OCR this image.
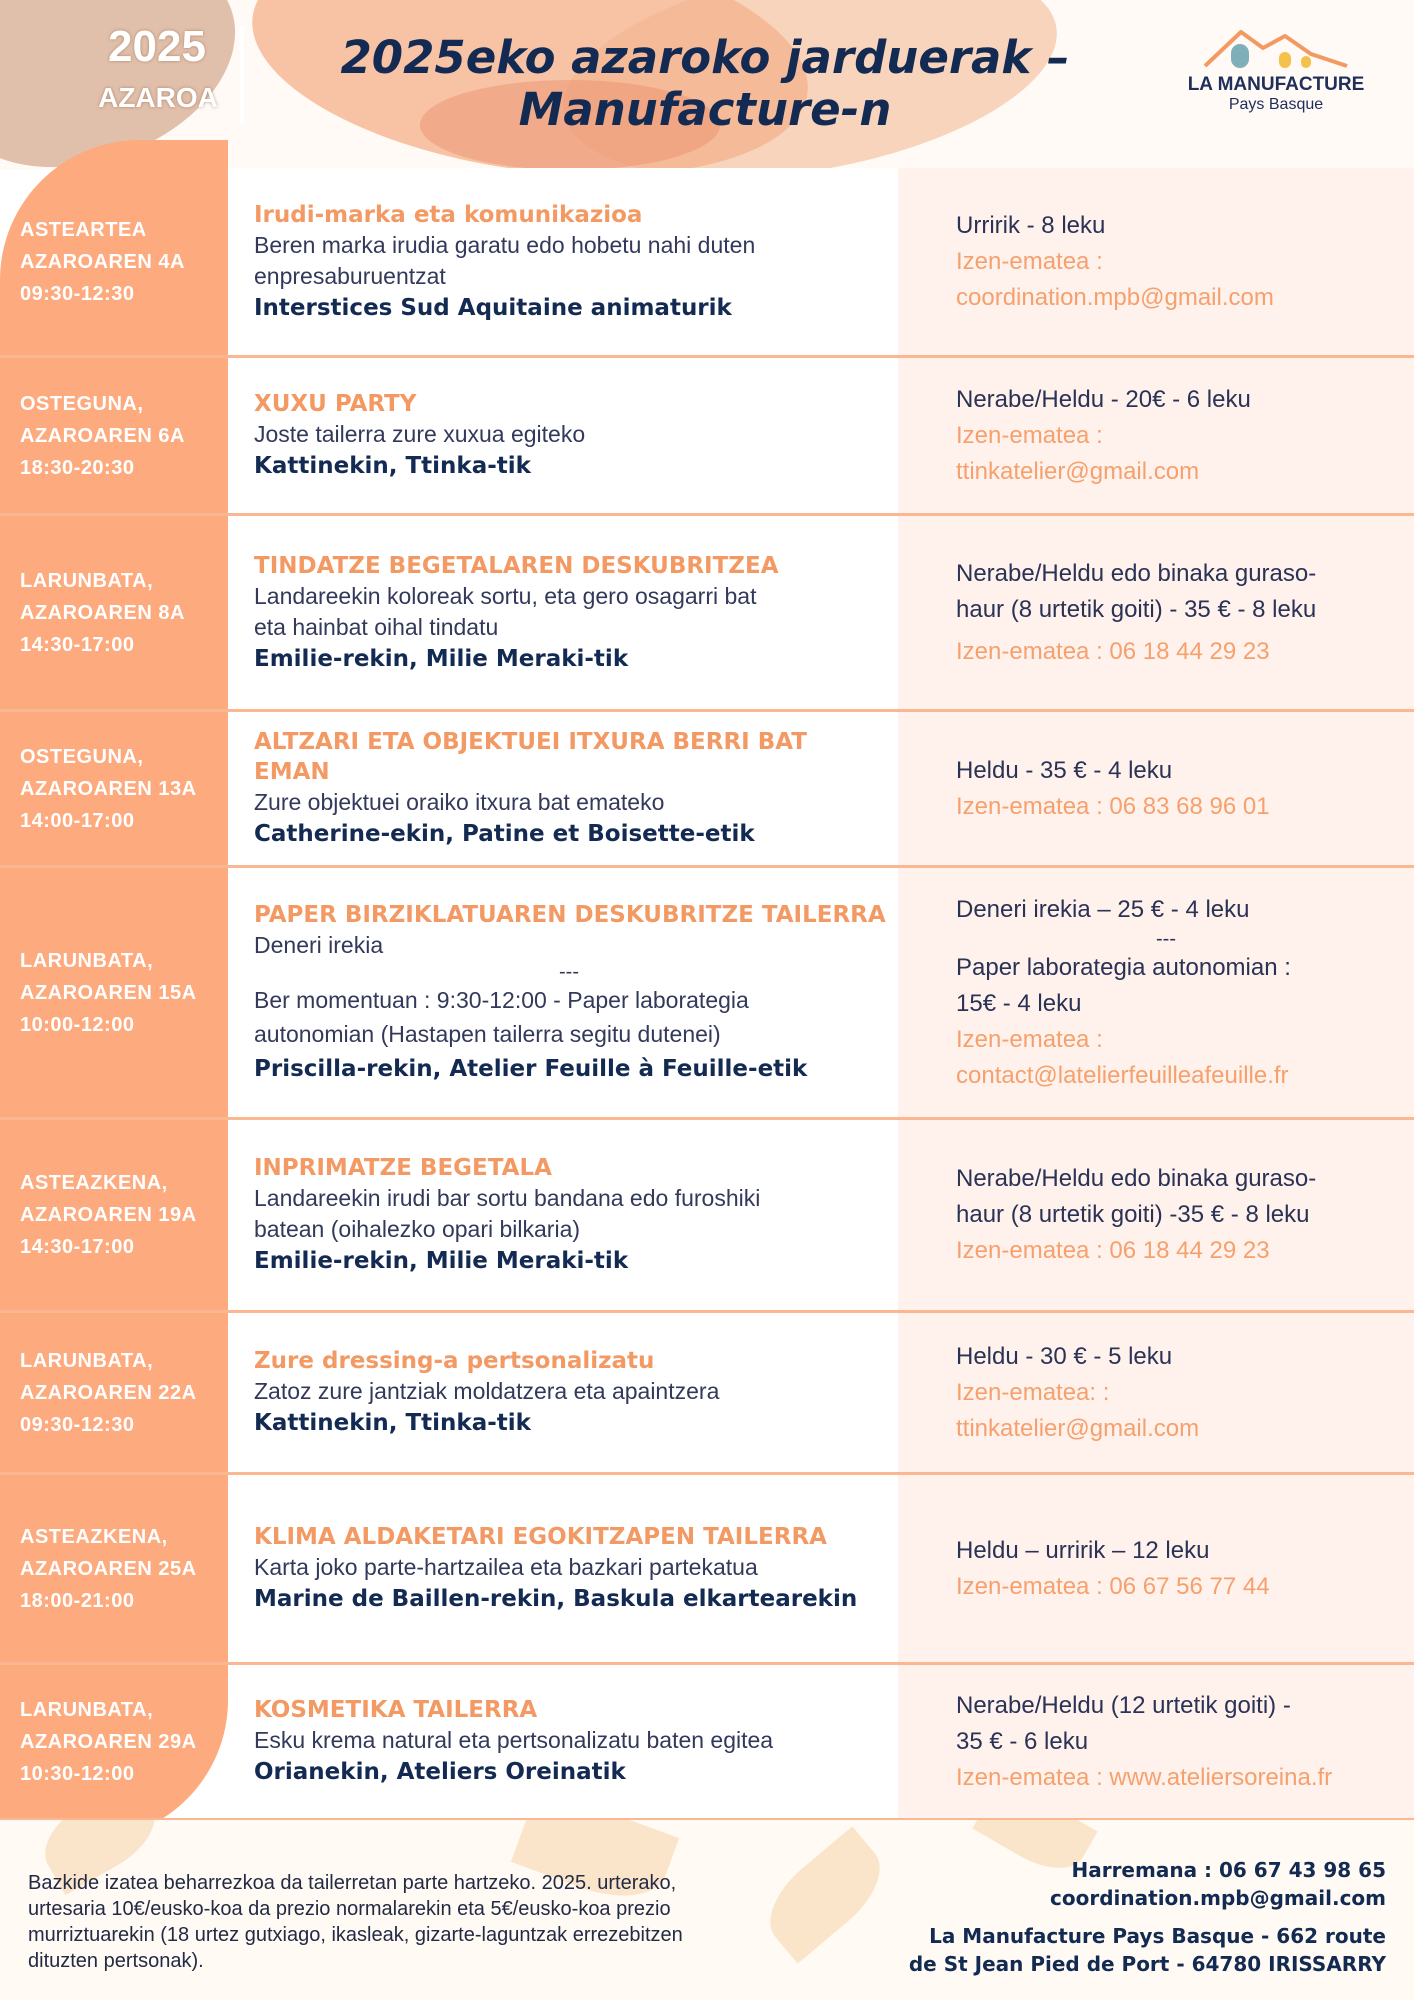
2025
AZAROA
2025eko azaroko jarduerak –
Manufacture-n	LA MANUFACTURE
Pays Basque
ASTEARTEA
AZAROAREN 4A
09:30-12:30
Irudi-marka eta komunikazioa
Beren marka irudia garatu edo hobetu nahi duten
enpresaburuentzat
Interstices Sud Aquitaine animaturik
Urririk - 8 leku
Izen-ematea :
coordination.mpb@gmail.com
OSTEGUNA,
AZAROAREN 6A
18:30-20:30
XUXU PARTY
Joste tailerra zure xuxua egiteko
Kattinekin, Ttinka-tik
Nerabe/Heldu - 20€ - 6 leku
Izen-ematea :
ttinkatelier@gmail.com
LARUNBATA,
AZAROAREN 8A
14:30-17:00
TINDATZE BEGETALAREN DESKUBRITZEA
Landareekin koloreak sortu, eta gero osagarri bat
eta hainbat oihal tindatu
Emilie-rekin, Milie Meraki-tik
Nerabe/Heldu edo binaka guraso-
haur (8 urtetik goiti) - 35 € - 8 leku
Izen-ematea : 06 18 44 29 23
OSTEGUNA,
AZAROAREN 13A
14:00-17:00
ALTZARI ETA OBJEKTUEI ITXURA BERRI BAT EMAN
Zure objektuei oraiko itxura bat emateko
Catherine-ekin, Patine et Boisette-etik
Heldu - 35 € - 4 leku
Izen-ematea : 06 83 68 96 01
LARUNBATA,
AZAROAREN 15A
10:00-12:00
PAPER BIRZIKLATUAREN DESKUBRITZE TAILERRA
Deneri irekia
---
Ber momentuan : 9:30-12:00 - Paper laborategia
autonomian (Hastapen tailerra segitu dutenei)
Priscilla-rekin, Atelier Feuille à Feuille-etik
Deneri irekia – 25 € - 4 leku
---
Paper laborategia autonomian :
15€ - 4 leku
Izen-ematea :
contact@latelierfeuilleafeuille.fr
ASTEAZKENA,
AZAROAREN 19A
14:30-17:00
INPRIMATZE BEGETALA
Landareekin irudi bar sortu bandana edo furoshiki
batean (oihalezko opari bilkaria)
Emilie-rekin, Milie Meraki-tik
Nerabe/Heldu edo binaka guraso-
haur (8 urtetik goiti) -35 € - 8 leku
Izen-ematea : 06 18 44 29 23
LARUNBATA,
AZAROAREN 22A
09:30-12:30
Zure dressing-a pertsonalizatu
Zatoz zure jantziak moldatzera eta apaintzera
Kattinekin, Ttinka-tik
Heldu - 30 € - 5 leku
Izen-ematea: :
ttinkatelier@gmail.com
ASTEAZKENA,
AZAROAREN 25A
18:00-21:00
KLIMA ALDAKETARI EGOKITZAPEN TAILERRA
Karta joko parte-hartzailea eta bazkari partekatua
Marine de Baillen-rekin, Baskula elkartearekin
Heldu – urririk – 12 leku
Izen-ematea : 06 67 56 77 44
LARUNBATA,
AZAROAREN 29A
10:30-12:00
KOSMETIKA TAILERRA
Esku krema natural eta pertsonalizatu baten egitea
Orianekin, Ateliers Oreinatik
Nerabe/Heldu (12 urtetik goiti) -
35 € - 6 leku
Izen-ematea : www.ateliersoreina.fr
Bazkide izatea beharrezkoa da tailerretan parte hartzeko. 2025. urterako,
urtesaria 10€/eusko-koa da prezio normalarekin eta 5€/eusko-koa prezio
murriztuarekin (18 urtez gutxiago, ikasleak, gizarte-laguntzak errezebitzen
dituzten pertsonak).
Harremana : 06 67 43 98 65
coordination.mpb@gmail.com
La Manufacture Pays Basque - 662 route
de St Jean Pied de Port - 64780 IRISSARRY
